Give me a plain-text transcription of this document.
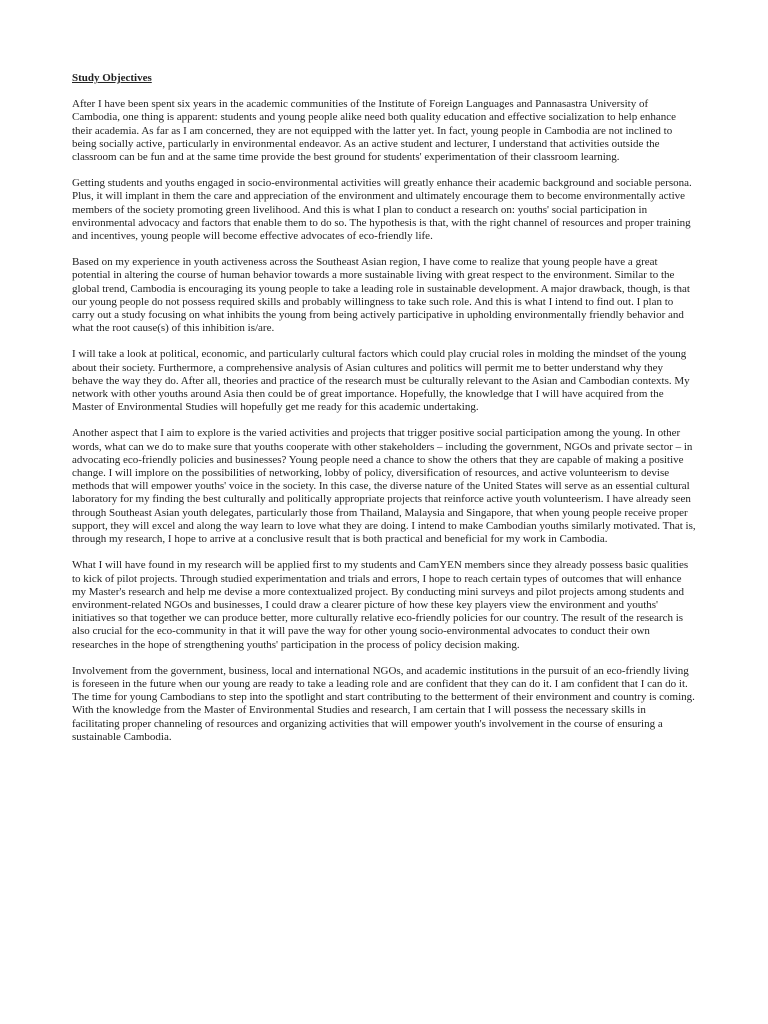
Study Objectives

After I have been spent six years in the academic communities of the Institute of Foreign Languages and Pannasastra University of Cambodia, one thing is apparent: students and young people alike need both quality education and effective socialization to help enhance their academia. As far as I am concerned, they are not equipped with the latter yet. In fact, young people in Cambodia are not inclined to being socially active, particularly in environmental endeavor. As an active student and lecturer, I understand that activities outside the classroom can be fun and at the same time provide the best ground for students' experimentation of their classroom learning.

Getting students and youths engaged in socio-environmental activities will greatly enhance their academic background and sociable persona. Plus, it will implant in them the care and appreciation of the environment and ultimately encourage them to become environmentally active members of the society promoting green livelihood. And this is what I plan to conduct a research on: youths' social participation in environmental advocacy and factors that enable them to do so. The hypothesis is that, with the right channel of resources and proper training and incentives, young people will become effective advocates of eco-friendly life.

Based on my experience in youth activeness across the Southeast Asian region, I have come to realize that young people have a great potential in altering the course of human behavior towards a more sustainable living with great respect to the environment. Similar to the global trend, Cambodia is encouraging its young people to take a leading role in sustainable development. A major drawback, though, is that our young people do not possess required skills and probably willingness to take such role. And this is what I intend to find out. I plan to carry out a study focusing on what inhibits the young from being actively participative in upholding environmentally friendly behavior and what the root cause(s) of this inhibition is/are.

I will take a look at political, economic, and particularly cultural factors which could play crucial roles in molding the mindset of the young about their society. Furthermore, a comprehensive analysis of Asian cultures and politics will permit me to better understand why they behave the way they do. After all, theories and practice of the research must be culturally relevant to the Asian and Cambodian contexts. My network with other youths around Asia then could be of great importance. Hopefully, the knowledge that I will have acquired from the Master of Environmental Studies will hopefully get me ready for this academic undertaking.

Another aspect that I aim to explore is the varied activities and projects that trigger positive social participation among the young. In other words, what can we do to make sure that youths cooperate with other stakeholders – including the government, NGOs and private sector – in advocating eco-friendly policies and businesses? Young people need a chance to show the others that they are capable of making a positive change. I will implore on the possibilities of networking, lobby of policy, diversification of resources, and active volunteerism to devise methods that will empower youths' voice in the society. In this case, the diverse nature of the United States will serve as an essential cultural laboratory for my finding the best culturally and politically appropriate projects that reinforce active youth volunteerism. I have already seen through Southeast Asian youth delegates, particularly those from Thailand, Malaysia and Singapore, that when young people receive proper support, they will excel and along the way learn to love what they are doing. I intend to make Cambodian youths similarly motivated. That is, through my research, I hope to arrive at a conclusive result that is both practical and beneficial for my work in Cambodia.

What I will have found in my research will be applied first to my students and CamYEN members since they already possess basic qualities to kick of pilot projects. Through studied experimentation and trials and errors, I hope to reach certain types of outcomes that will enhance my Master's research and help me devise a more contextualized project. By conducting mini surveys and pilot projects among students and environment-related NGOs and businesses, I could draw a clearer picture of how these key players view the environment and youths' initiatives so that together we can produce better, more culturally relative eco-friendly policies for our country. The result of the research is also crucial for the eco-community in that it will pave the way for other young socio-environmental advocates to conduct their own researches in the hope of strengthening youths' participation in the process of policy decision making.

Involvement from the government, business, local and international NGOs, and academic institutions in the pursuit of an eco-friendly living is foreseen in the future when our young are ready to take a leading role and are confident that they can do it. I am confident that I can do it. The time for young Cambodians to step into the spotlight and start contributing to the betterment of their environment and country is coming. With the knowledge from the Master of Environmental Studies and research, I am certain that I will possess the necessary skills in facilitating proper channeling of resources and organizing activities that will empower youth's involvement in the course of ensuring a sustainable Cambodia.
